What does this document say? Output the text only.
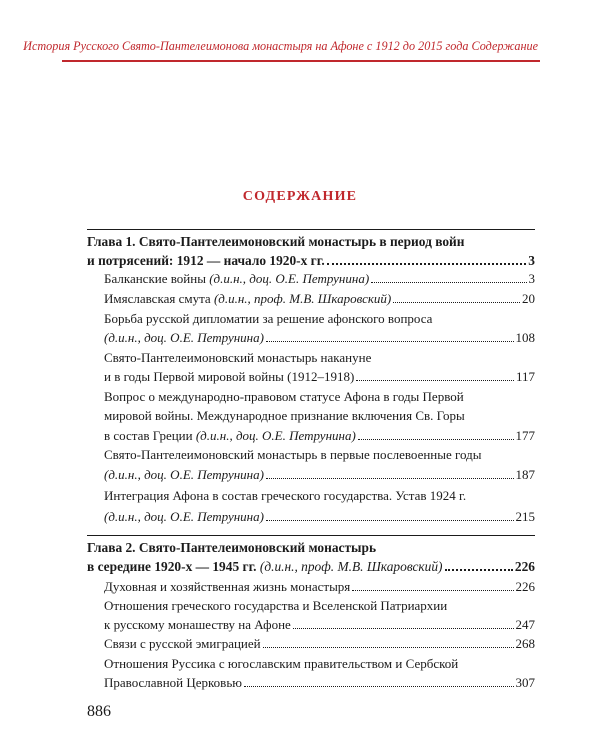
История Русского Свято-Пантелеимонова монастыря на Афоне с 1912 до 2015 года Содержание
СОДЕРЖАНИЕ
Глава 1. Свято-Пантелеимоновский монастырь в период войн
и потрясений: 1912 — начало 1920-х гг.	3
Балканские войны (д.и.н., доц. О.Е. Петрунина)	3
Имяславская смута (д.и.н., проф. М.В. Шкаровский)	20
Борьба русской дипломатии за решение афонского вопроса
(д.и.н., доц. О.Е. Петрунина)	108
Свято-Пантелеимоновский монастырь накануне
и в годы Первой мировой войны (1912–1918)	117
Вопрос о международно-правовом статусе Афона в годы Первой
мировой войны. Международное признание включения Св. Горы
в состав Греции (д.и.н., доц. О.Е. Петрунина)	177
Свято-Пантелеимоновский монастырь в первые послевоенные годы
(д.и.н., доц. О.Е. Петрунина)	187
Интеграция Афона в состав греческого государства. Устав 1924 г.
(д.и.н., доц. О.Е. Петрунина)	215
Глава 2. Свято-Пантелеимоновский монастырь
в середине 1920-х — 1945 гг. (д.и.н., проф. М.В. Шкаровский)	226
Духовная и хозяйственная жизнь монастыря	226
Отношения греческого государства и Вселенской Патриархии
к русскому монашеству на Афоне	247
Связи с русской эмиграцией	268
Отношения Руссика с югославским правительством и Сербской
Православной Церковью	307
886
